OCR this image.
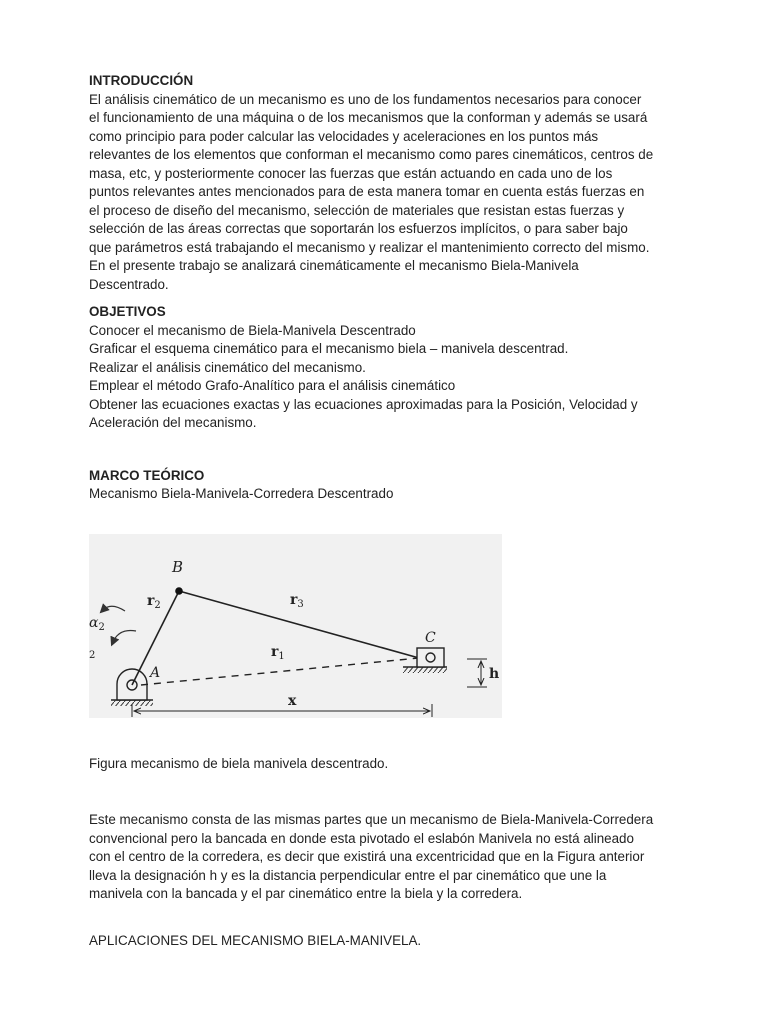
INTRODUCCIÓN
El análisis cinemático de un mecanismo es uno de los fundamentos necesarios para conocer
el funcionamiento de una máquina o de los mecanismos que la conforman y además se usará
como principio para poder calcular las velocidades y aceleraciones en los puntos más
relevantes de los elementos que conforman el mecanismo como pares cinemáticos, centros de
masa, etc, y posteriormente conocer las fuerzas que están actuando en cada uno de los
puntos relevantes antes mencionados para de esta manera tomar en cuenta estás fuerzas en
el proceso de diseño del mecanismo, selección de materiales que resistan estas fuerzas y
selección de las áreas correctas que soportarán los esfuerzos implícitos, o para saber bajo
que parámetros está trabajando el mecanismo y realizar el mantenimiento correcto del mismo.
En el presente trabajo se analizará cinemáticamente el mecanismo Biela-Manivela
Descentrado.
OBJETIVOS
Conocer el mecanismo de Biela-Manivela Descentrado
Graficar el esquema cinemático para el mecanismo biela – manivela descentrad.
Realizar el análisis cinemático del mecanismo.
Emplear el método Grafo-Analítico para el análisis cinemático
Obtener las ecuaciones exactas y las ecuaciones aproximadas para la Posición, Velocidad y
Aceleración del mecanismo.
MARCO TEÓRICO
Mecanismo Biela-Manivela-Corredera Descentrado
B
A
C
$r_2$	$r_3$
$r_1$
$\alpha_2$
2
x
h
Figura mecanismo de biela manivela descentrado.
Este mecanismo consta de las mismas partes que un mecanismo de Biela-Manivela-Corredera
convencional pero la bancada en donde esta pivotado el eslabón Manivela no está alineado
con el centro de la corredera, es decir que existirá una excentricidad que en la Figura anterior
lleva la designación h y es la distancia perpendicular entre el par cinemático que une la
manivela con la bancada y el par cinemático entre la biela y la corredera.
APLICACIONES DEL MECANISMO BIELA-MANIVELA.
